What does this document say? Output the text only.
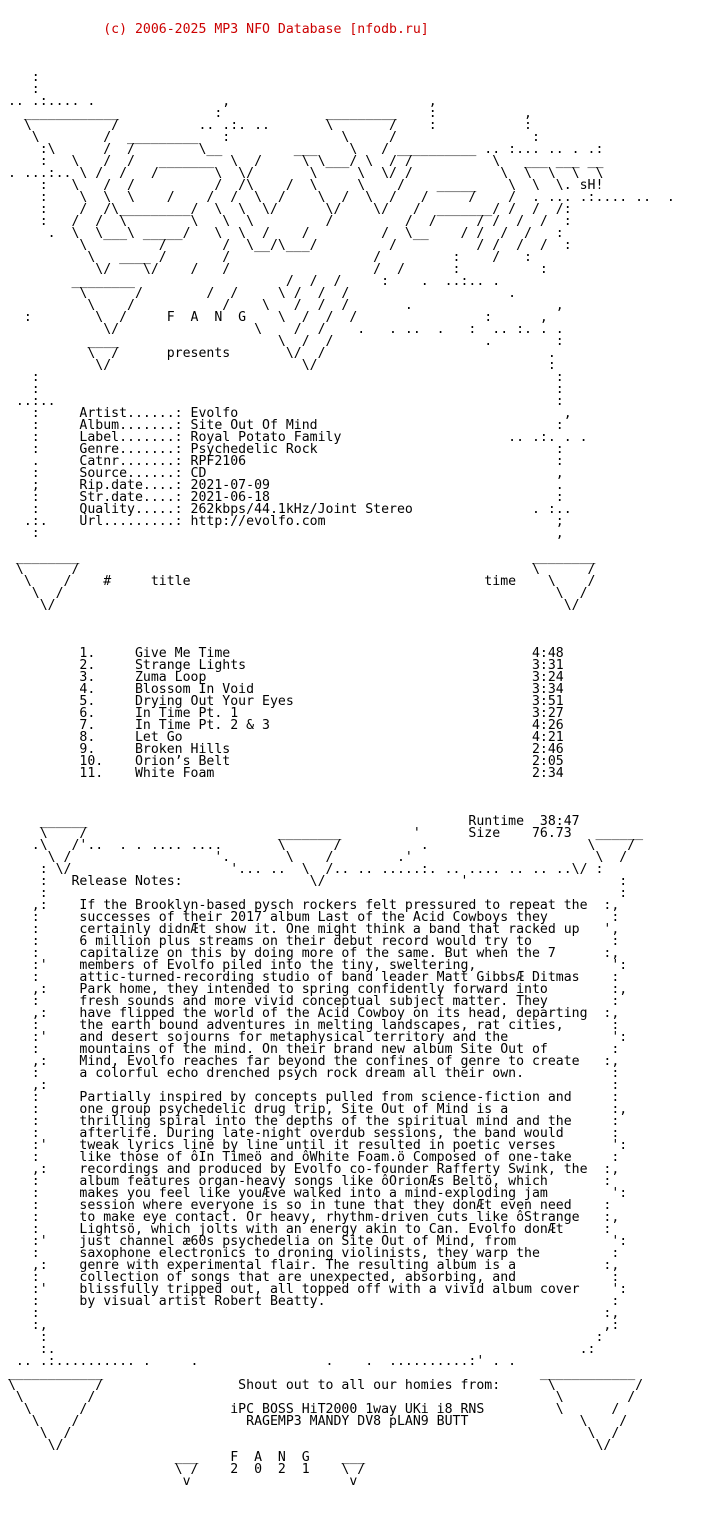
(c) 2006-2025 MP3 NFO Database [nfodb.ru]

:
:
.. .:.... .                ,                         ,
____________            :             _________    :           ,
\          /          .. .:. ..       \       /    :           :
\        /  _________   :              \     /                 :
:\      /  /        \__         ___    \   / __________ .. :... .. . .:
:   \   /  /   _______  \  /     \ \___/ \  / /          \   ___ ___ __
. ...:.. \ /  /   /       \  \/       \     \  \/ /           \  \  \  \  \
:   \   /  /          /  /\    /  \     \    /    _____    \  \  \. sH!
:    \  \  \    /    /  /  \  /    \  /  \  /   /     /    /  . ... .:.... ..  .
:    /  /\_________/  \  \  \/      \/    \/   /  _______/ /  /  /:
:   /  /  \        \   \  \         /         /  /     / /  /  /  :
.  \  \___\ _____/   \  \  /    /         /  \__    / /  /  /   :
\         /       /  \__/\___/         /          / /  /  /  :
\   ____ /       /                  /         :    /   :
\/    \/    /   /                  /  /      :          :
________                   /  /  /     :    .  ..:.. .
\      /        /  /     \ /  /  /                    .
\    /           /    \   /  /  /       .                  ,
:        \  /     F  A  N  G    \  /  /  /                :      ,
\/                 \    /  /    .   . ..  .   :  .. :. . .
____                    \  /  /                   .        :
\  /      presents       \/  /                            .
\/                        \/                             :
:                                                                 :
:                                                                 :
..:..                                                               :
:     Artist......: Evolfo                                         ,
:     Album.......: Site Out Of Mind                              :
:     Label.......: Royal Potato Family                     .. .:. . .
:     Genre.......: Psychedelic Rock                              :
.     Catnr.......: RPF2106                                       :
:     Source......: CD                                            ,
;     Rip.date....: 2021-07-09                                    .
:     Str.date....: 2021-06-18                                    :
:     Quality.....: 262kbps/44.1kHz/Joint Stereo               . :..
.:.    Url.........: http://evolfo.com                             ;
:                                                                 ,

________                                                         ________
\      /                                                         \      /
\    /    #     title                                     time    \    /
\  /                                                              \  /
\/                                                                \/

1.     Give Me Time                                      4:48
2.     Strange Lights                                    3:31
3.     Zuma Loop                                         3:24
4.     Blossom In Void                                   3:34
5.     Drying Out Your Eyes                              3:51
6.     In Time Pt. 1                                     3:27
7.     In Time Pt. 2 & 3                                 4:26
8.     Let Go                                            4:21
9.     Broken Hills                                      2:46
10.    Orion’s Belt                                      2:05
11.    White Foam                                        2:34

______                                                Runtime  38:47
\    /                        ________         '      Size    76.73   ______
.\   /'..  . . .... ....       \      /          .                    \    /
\ /                  '.       \    /        .'                       \  /
: \/                    '... ..  \  /.. .. .....:. .. .... .. .. ..\/ :
:   Release Notes:                \/                 '                   :
:                                                                        :
,:    If the Brooklyn-based pysch rockers felt pressured to repeat the  :,
:     successes of their 2017 album Last of the Acid Cowboys they        :
:     certainly didnÆt show it. One might think a band that racked up   ',
:     6 million plus streams on their debut record would try to          :
:     capitalize on this by doing more of the same. But when the 7      :,
:'    members of Evolfo piled into the tiny, sweltering,                 ':
:     attic-turned-recording studio of band leader Matt GibbsÆ Ditmas    :
,:    Park home, they intended to spring confidently forward into        :,
:     fresh sounds and more vivid conceptual subject matter. They        :
,:    have flipped the world of the Acid Cowboy on its head, departing  :,
:     the earth bound adventures in melting landscapes, rat cities,      :
:'    and desert sojourns for metaphysical territory and the             ':
:     mountains of the mind. On their brand new album Site Out of        :
,:    Mind, Evolfo reaches far beyond the confines of genre to create   :,
:     a colorful echo drenched psych rock dream all their own.           :
,:                                                                       :
:     Partially inspired by concepts pulled from science-fiction and     :
:     one group psychedelic drug trip, Site Out of Mind is a             :,
:     thrilling spiral into the depths of the spiritual mind and the     :
:     afterlife. During late-night overdub sessions, the band would      :
:'    tweak lyrics line by line until it resulted in poetic verses       ':
:     like those of ôIn Timeö and ôWhite Foam.ö Composed of one-take     :
,:    recordings and produced by Evolfo co-founder Rafferty Swink, the  :,
:     album features organ-heavy songs like ôOrionÆs Beltö, which       :
:     makes you feel like youÆve walked into a mind-exploding jam        ':
:     session where everyone is so in tune that they donÆt even need    :
:     to make eye contact. Or heavy, rhythm-driven cuts like ôStrange   :,
:     Lightsö, which jolts with an energy akin to Can. Evolfo donÆt     :
:'    just channel æ60s psychedelia on Site Out of Mind, from            ':
:     saxophone electronics to droning violinists, they warp the         :
,:    genre with experimental flair. The resulting album is a           :,
:     collection of songs that are unexpected, absorbing, and            :
:'    blissfully tripped out, all topped off with a vivid album cover    ':
:     by visual artist Robert Beatty.                                    :
:                                                                       :,
:,                                                                      ,:
:                                                                     :
:.                                                                  .:
.. .:.......... .     .                .    .  ..........:' . .
____________                                                       ____________
\          /                 Shout out to all our homies from:      \          /
\        /                                                          \        /
\      /                  iPC BOSS HiT2000 1way UKi i8 RNS         \      /
\    /                     RAGEMP3 MANDY DV8 pLAN9 BUTT              \    /
\  /                                                                 \  /
\/                                                                   \/
___    F  A  N  G    ___
\ /    2  0  2  1    \ /
v                    v
